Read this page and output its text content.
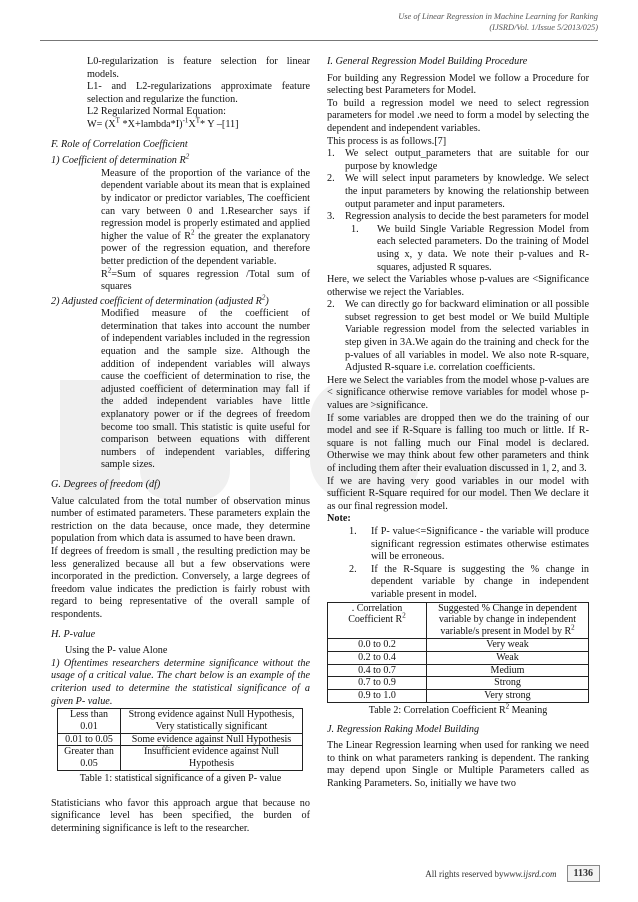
Use of Linear Regression in Machine Learning for Ranking
(IJSRD/Vol. 1/Issue 5/2013/025)

L0-regularization is feature selection for linear models.

L1- and L2-regularizations approximate feature selection and regularize the function.

L2 Regularized Normal Equation:

$W= (X^T$ $*X+lambda*I)^{-1}X^T*$ Y –[11]

F. Role of Correlation Coefficient

1) Coefficient of determination $R^2$

Measure of the proportion of the variance of the dependent variable about its mean that is explained by indicator or predictor variables, The coefficient can vary between 0 and 1.Researcher says if regression model is properly estimated and applied higher the value of $R^2$ the greater the explanatory power of the regression equation, and therefore better prediction of the dependent variable.

$R^2=Sum$ of squares regression /Total sum of squares

2) Adjusted coefficient of determination (adjusted $R^2$)

Modified measure of the coefficient of determination that takes into account the number of independent variables included in the regression equation and the sample size. Although the addition of independent variables will always cause the coefficient of determination to rise, the adjusted coefficient of determination may fall if the added independent variables have little explanatory power or if the degrees of freedom become too small. This statistic is quite useful for comparison between equations with different numbers of independent variables, differing sample sizes.

G. Degrees of freedom (df)

Value calculated from the total number of observation minus number of estimated parameters. These parameters explain the restriction on the data because, once made, they determine population from which data is assumed to have been drawn.

If degrees of freedom is small , the resulting prediction may be less generalized because all but a few observations were incorporated in the prediction. Conversely, a large degrees of freedom value indicates the prediction is fairly robust with regard to being representative of the overall sample of respondents.

H. P-value

Using the P- value Alone

1) Oftentimes researchers determine significance without the usage of a critical value. The chart below is an example of the criterion used to determine the statistical significance of a given P- value.

Less than 0.01	Strong evidence against Null Hypothesis, Very statistically significant
0.01 to 0.05	Some evidence against Null Hypothesis
Greater than 0.05	Insufficient evidence against Null Hypothesis
Table 1: statistical significance of a given P- value

Statisticians who favor this approach argue that because no significance level has been specified, the burden of determining significance is left to the researcher.

I. General Regression Model Building Procedure

For building any Regression Model we follow a Procedure for selecting best Parameters for Model.

To build a regression model we need to select regression parameters for model .we need to form a model by selecting the dependent and independent variables.

This process is as follows.[7]

1.	We select output_parameters that are suitable for our purpose by knowledge
2.	We will select input parameters by knowledge. We select the input parameters by knowing the relationship between output parameter and input parameters.
3.	Regression analysis to decide the best parameters for model
1.	We build Single Variable Regression Model from each selected parameters. Do the training of Model using x, y data. We note their p-values and R-squares, adjusted R squares.

Here, we select the Variables whose p-values are <Significance otherwise we reject the Variables.

2.	We can directly go for backward elimination or all possible subset regression to get best model or We build Multiple Variable regression model from the selected variables in step given in 3A.We again do the training and check for the p-values of all variables in model. We also note R-square, Adjusted R-square i.e. correlation coefficients.

Here we Select the variables from the model whose p-values are < significance otherwise remove variables for model whose p-values are >significance.

If some variables are dropped then we do the training of our model and see if R-Square is falling too much or little. If R-square is not falling much our Final model is declared. Otherwise we may think about few other parameters and think of including them after their evaluation discussed in 1, 2, and 3.

If we are having very good variables in our model with sufficient R-Square required for our model. Then We declare it as our final regression model.

Note:

1.	If P- value<=Significance - the variable will produce significant regression estimates otherwise estimates will be erroneous.
2.	If the R-Square is suggesting the % change in dependent variable by change in independent variable present in model.
. Correlation Coefficient $R^2$	Suggested % Change in dependent variable by change in independent variable/s present in Model by $R^2$
0.0 to 0.2	Very weak
0.2 to 0.4	Weak
0.4 to 0.7	Medium
0.7 to 0.9	Strong
0.9 to 1.0	Very strong
Table 2: Correlation Coefficient $R^2$ Meaning

J. Regression Raking Model Building

The Linear Regression learning when used for ranking we need to think on what parameters ranking is dependent. The ranking may depend upon Single or Multiple Parameters called as Ranking Parameters. So, initially we have two

All rights reserved by www.ijsrd.com	1136
